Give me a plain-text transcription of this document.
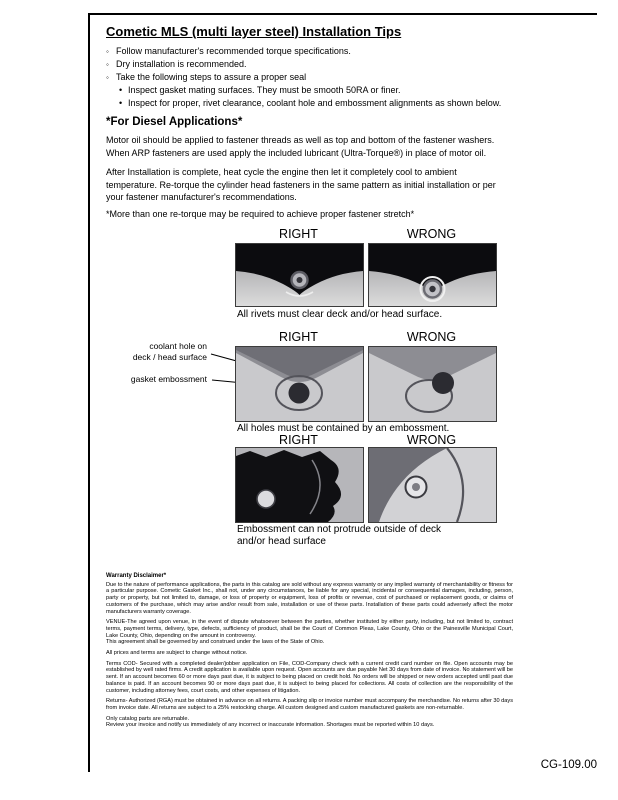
Cometic MLS (multi layer steel) Installation Tips
◦ Follow manufacturer's recommended torque specifications.
◦ Dry installation is recommended.
◦ Take the following steps to assure a proper seal
• Inspect gasket mating surfaces. They must be smooth 50RA or finer.
• Inspect for proper, rivet clearance, coolant hole and embossment alignments as shown below.
*For Diesel Applications*
Motor oil should be applied to fastener threads as well as top and bottom of the fastener washers. When ARP fasteners are used apply the included lubricant (Ultra-Torque®) in place of motor oil.
After Installation is complete, heat cycle the engine then let it completely cool to ambient temperature. Re-torque the cylinder head fasteners in the same pattern as initial installation or per your fastener manufacturer's recommendations.
*More than one re-torque may be required to achieve proper fastener stretch*
RIGHT	WRONG
All rivets must clear deck and/or head surface.
RIGHT	WRONG
coolant hole on
deck / head surface
gasket embossment
All holes must be contained by an embossment.
RIGHT	WRONG
Embossment can not protrude outside of deck
and/or head surface
Warranty Disclaimer*

Due to the nature of performance applications, the parts in this catalog are sold without any express warranty or any implied warranty of merchantability or fitness for a particular purpose. Cometic Gasket Inc., shall not, under any circumstances, be liable for any special, incidental or consequential damages, including, person, party or property, but not limited to, damage, or loss of property or equipment, loss of profits or revenue, cost of purchased or replacement goods, or claims of customers of the purchase, which may arise and/or result from sale, installation or use of these parts. Installation of these parts could adversely affect the motor manufacturers warranty coverage.

VENUE-The agreed upon venue, in the event of dispute whatsoever between the parties, whether instituted by either party, including, but not limited to, contract terms, payment terms, delivery, type, defects, sufficiency of product, shall be the Court of Common Pleas, Lake County, Ohio or the Painesville Municipal Court, Lake County, Ohio, depending on the amount in controversy.

This agreement shall be governed by and construed under the laws of the State of Ohio.

All prices and terms are subject to change without notice.

Terms COD- Secured with a completed dealer/jobber application on File, COD-Company check with a current credit card number on file. Open accounts may be established by well rated firms. A credit application is available upon request. Open accounts are due payable Net 30 days from date of invoice. No statement will be sent. If an account becomes 60 or more days past due, it is subject to being placed on credit hold. No orders will be shipped or new orders accepted until past due balance is paid. If an account becomes 90 or more days past due, it is subject to being placed for collections. All costs of collection are the responsibility of the customer, including attorney fees, court costs, and other expenses of litigation.

Returns- Authorized (RGA) must be obtained in advance on all returns. A packing slip or invoice number must accompany the merchandise. No returns after 30 days from invoice date. All returns are subject to a 25% restocking charge. All custom designed and custom manufactured gaskets are non-returnable.

Only catalog parts are returnable.

Review your invoice and notify us immediately of any incorrect or inaccurate information. Shortages must be reported within 10 days.

CG-109.00
